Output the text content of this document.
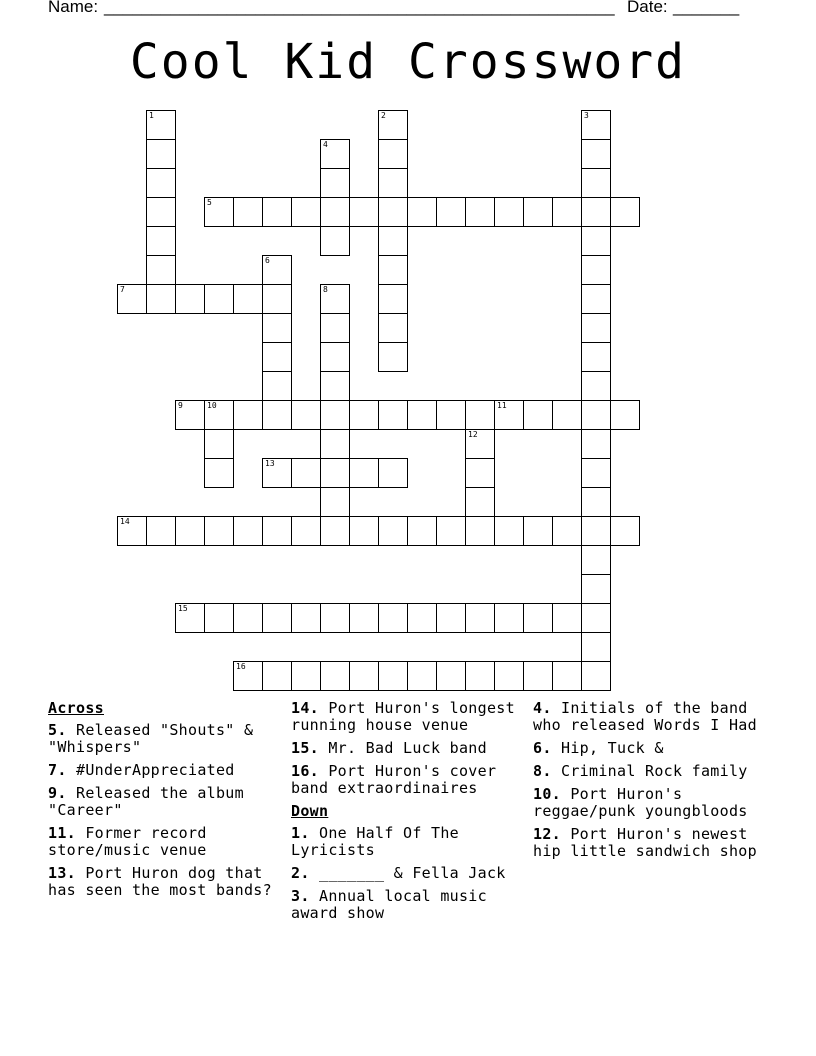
Name: ______________________________________________________ Date: _______
Cool Kid Crossword
1	2	3
4
5
6
7	8
9	10	11
12
13
14
15
16
Across
5. Released "Shouts" & "Whispers"
7. #UnderAppreciated
9. Released the album "Career"
11. Former record store/music venue
13. Port Huron dog that has seen the most bands?
14. Port Huron's longest running house venue
15. Mr. Bad Luck band
16. Port Huron's cover band extraordinaires
Down
1. One Half Of The Lyricists
2. _______ & Fella Jack
3. Annual local music award show
4. Initials of the band who released Words I Had
6. Hip, Tuck &
8. Criminal Rock family
10. Port Huron's reggae/punk youngbloods
12. Port Huron's newest hip little sandwich shop
